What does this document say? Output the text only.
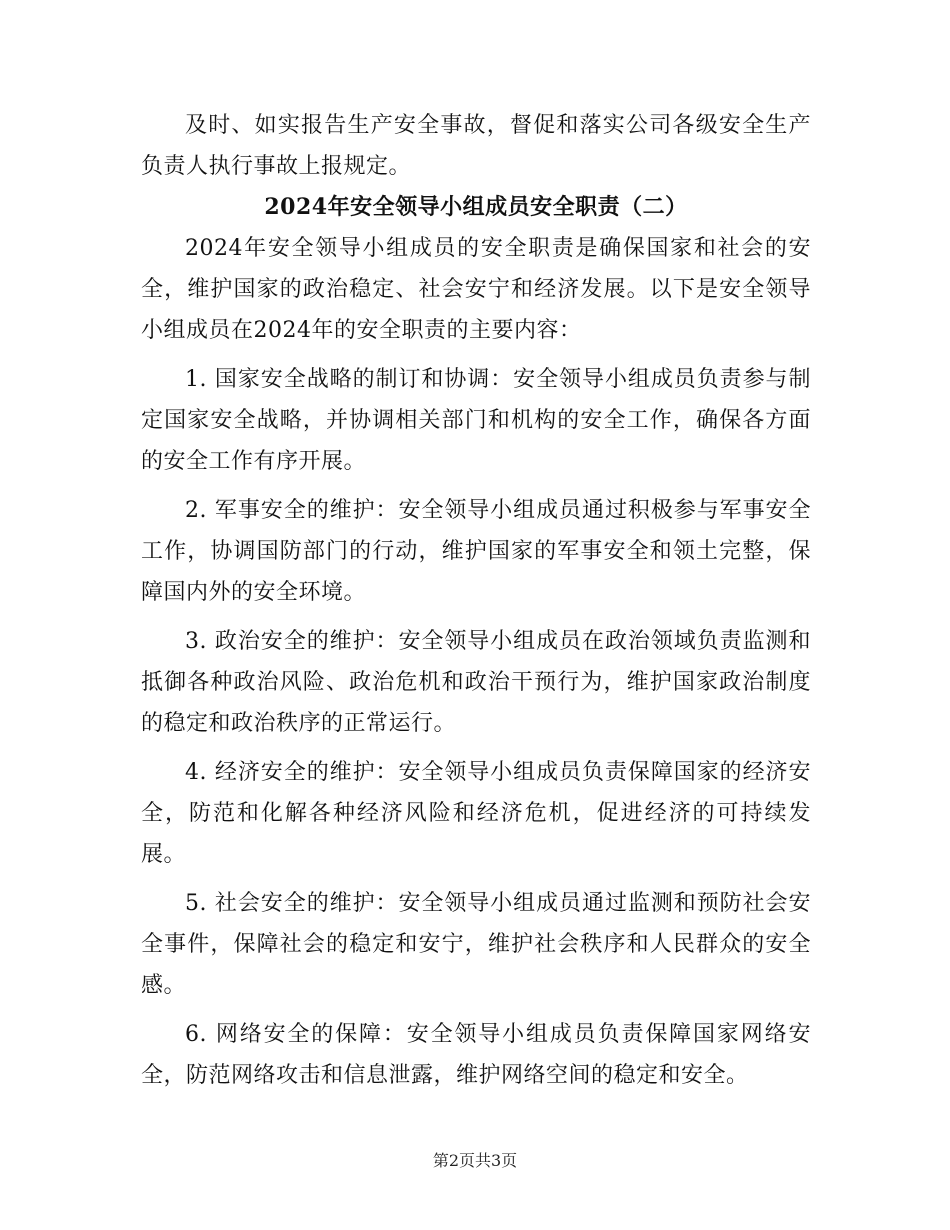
及时、如实报告生产安全事故，督促和落实公司各级安全生产负责人执行事故上报规定。

2024年安全领导小组成员安全职责（二）

2024年安全领导小组成员的安全职责是确保国家和社会的安全，维护国家的政治稳定、社会安宁和经济发展。以下是安全领导小组成员在2024年的安全职责的主要内容：

1. 国家安全战略的制订和协调：安全领导小组成员负责参与制定国家安全战略，并协调相关部门和机构的安全工作，确保各方面的安全工作有序开展。

2. 军事安全的维护：安全领导小组成员通过积极参与军事安全工作，协调国防部门的行动，维护国家的军事安全和领土完整，保障国内外的安全环境。

3. 政治安全的维护：安全领导小组成员在政治领域负责监测和抵御各种政治风险、政治危机和政治干预行为，维护国家政治制度的稳定和政治秩序的正常运行。

4. 经济安全的维护：安全领导小组成员负责保障国家的经济安全，防范和化解各种经济风险和经济危机，促进经济的可持续发展。

5. 社会安全的维护：安全领导小组成员通过监测和预防社会安全事件，保障社会的稳定和安宁，维护社会秩序和人民群众的安全感。

6. 网络安全的保障：安全领导小组成员负责保障国家网络安全，防范网络攻击和信息泄露，维护网络空间的稳定和安全。

第2页共3页
